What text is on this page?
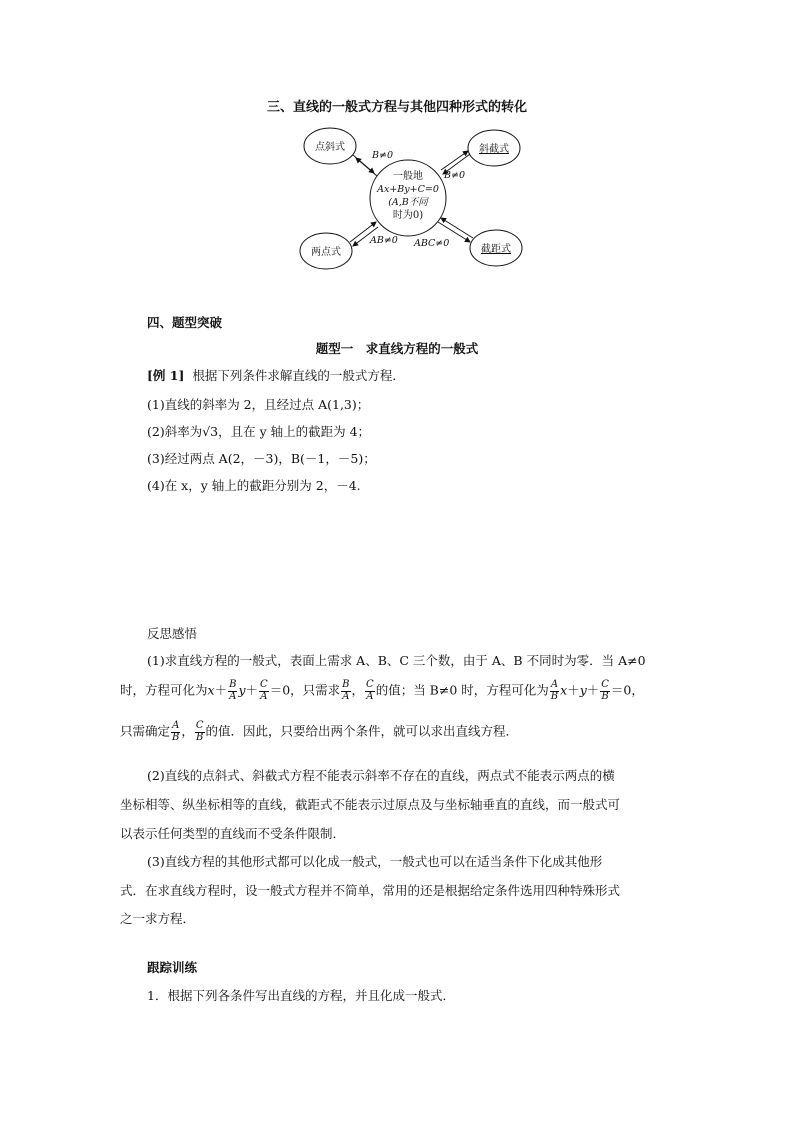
三、直线的一般式方程与其他四种形式的转化
点斜式	斜截式
两点式	截距式
一般地
Ax+By+C=0
(A,B不同
时为0)
B≠0
B≠0
AB≠0 ABC≠0
四、题型突破
题型一　求直线方程的一般式
[例 1] 根据下列条件求解直线的一般式方程．
(1)直线的斜率为 2，且经过点 A(1,3)；
(2)斜率为√3，且在 y 轴上的截距为 4；
(3)经过两点 A(2，－3)，B(－1，－5)；
(4)在 x，y 轴上的截距分别为 2，－4.
反思感悟
(1)求直线方程的一般式，表面上需求 A、B、C 三个数，由于 A、B 不同时为零．当 A≠0
时，方程可化为$x+ \frac{B}{A} y+ \frac{C}{A} =0$，只需求 $\frac{B}{A}$ ， $\frac{C}{A}$ 的值；当 B≠0 时，方程可化为 $\frac{A}{B} x+y+ \frac{C}{B} =0$，
只需确定 $\frac{A}{B}$ ， $\frac{C}{B}$ 的值．因此，只要给出两个条件，就可以求出直线方程．
(2)直线的点斜式、斜截式方程不能表示斜率不存在的直线，两点式不能表示两点的横
坐标相等、纵坐标相等的直线，截距式不能表示过原点及与坐标轴垂直的直线，而一般式可
以表示任何类型的直线而不受条件限制．
(3)直线方程的其他形式都可以化成一般式，一般式也可以在适当条件下化成其他形
式．在求直线方程时，设一般式方程并不简单，常用的还是根据给定条件选用四种特殊形式
之一求方程．
跟踪训练
1．根据下列各条件写出直线的方程，并且化成一般式．
